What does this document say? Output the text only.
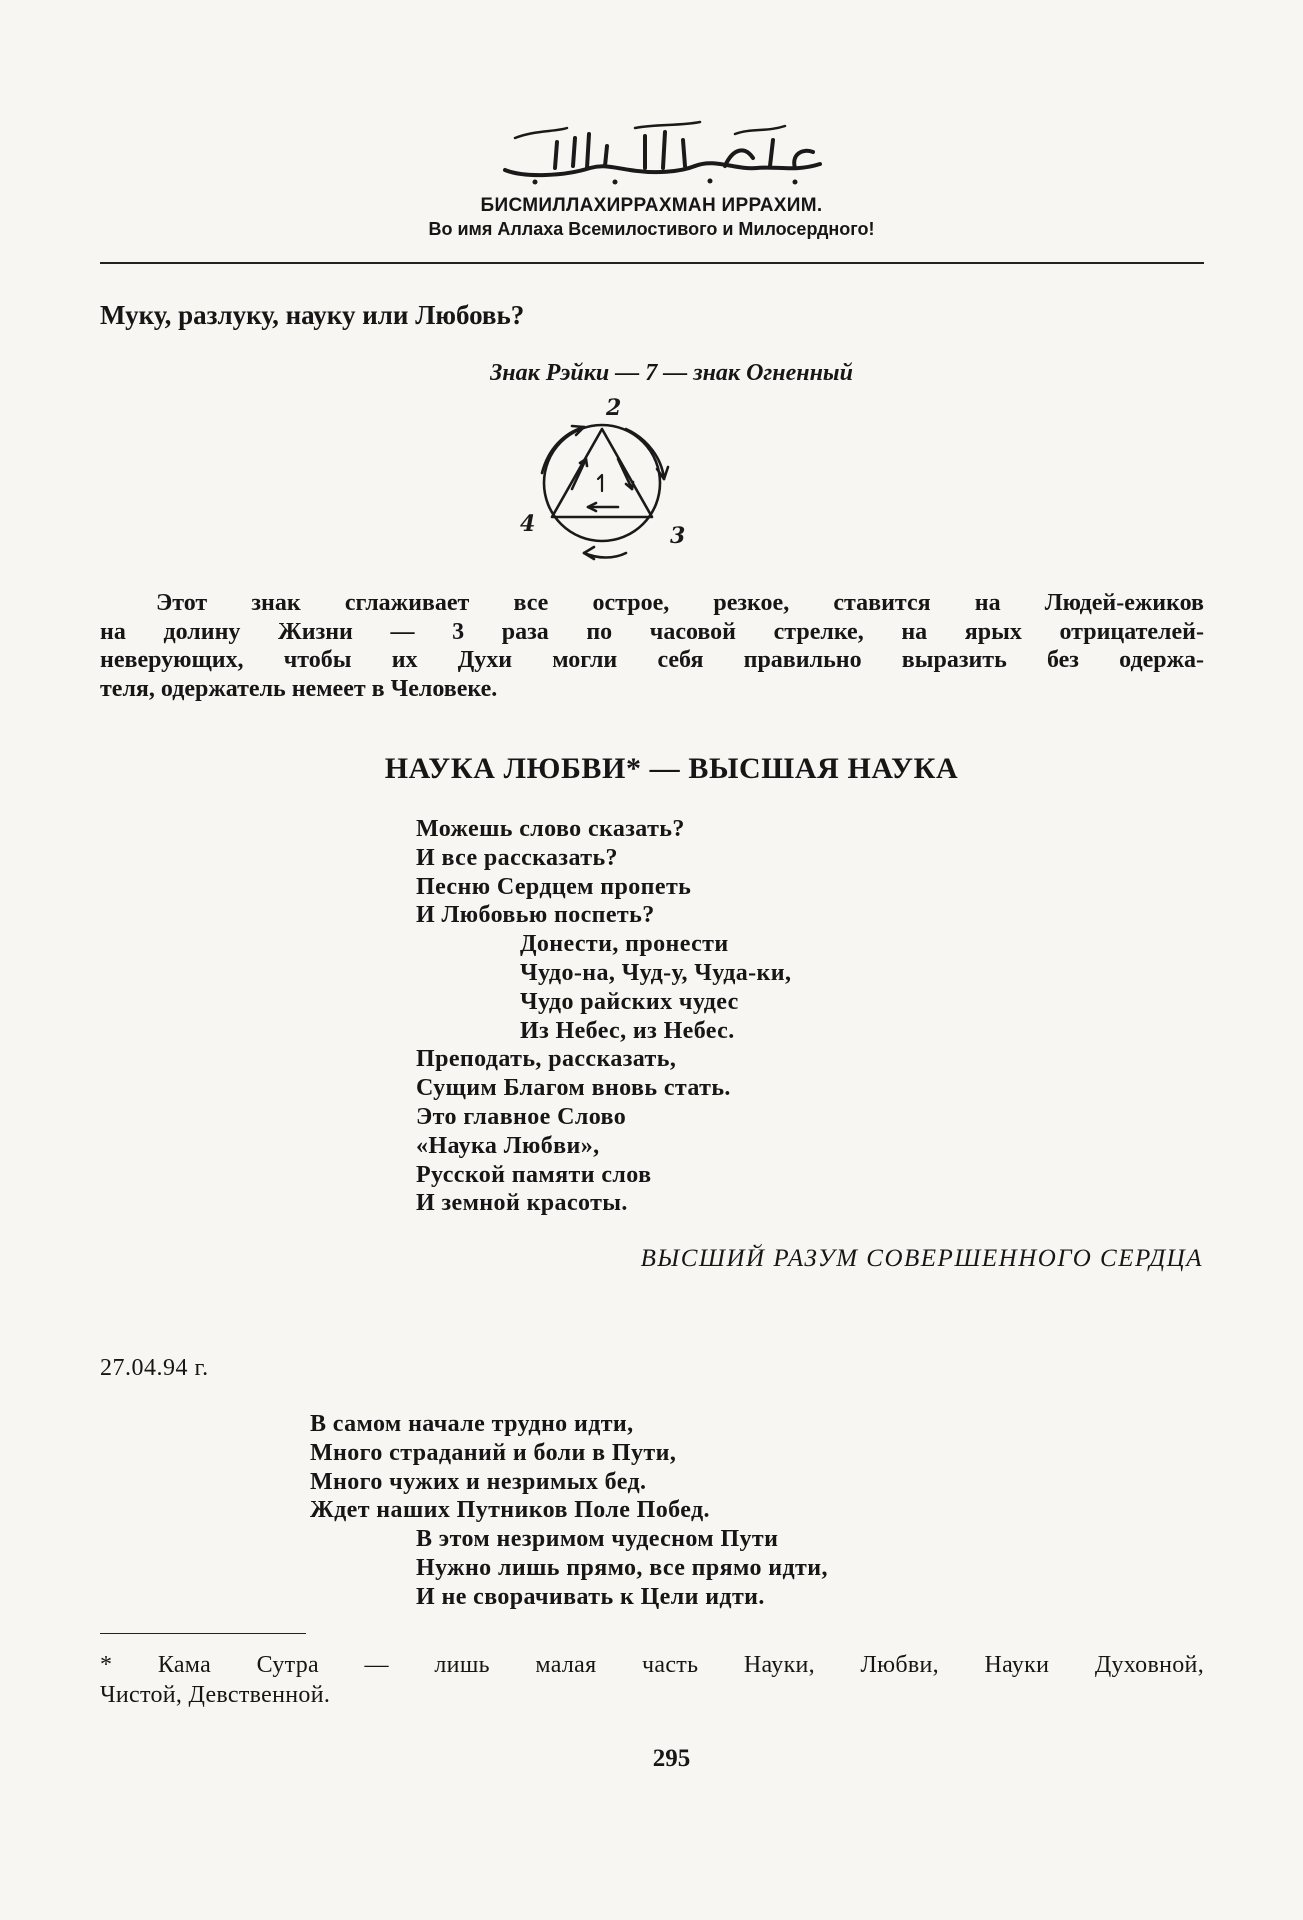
БИСМИЛЛАХИРРАХМАН ИРРАХИМ.
Во имя Аллаха Всемилостивого и Милосердного!
Муку, разлуку, науку или Любовь?
Знак Рэйки — 7 — знак Огненный
2
4	3
Этот знак сглаживает все острое, резкое, ставится на Людей-ежиков
на долину Жизни — 3 раза по часовой стрелке, на ярых отрицателей-
неверующих, чтобы их Духи могли себя правильно выразить без одержа-
теля, одержатель немеет в Человеке.
НАУКА ЛЮБВИ* — ВЫСШАЯ НАУКА
Можешь слово сказать?
И все рассказать?
Песню Сердцем пропеть
И Любовью поспеть?
Донести, пронести
Чудо-на, Чуд-у, Чуда-ки,
Чудо райских чудес
Из Небес, из Небес.
Преподать, рассказать,
Сущим Благом вновь стать.
Это главное Слово
«Наука Любви»,
Русской памяти слов
И земной красоты.
ВЫСШИЙ РАЗУМ СОВЕРШЕННОГО СЕРДЦА
27.04.94 г.
В самом начале трудно идти,
Много страданий и боли в Пути,
Много чужих и незримых бед.
Ждет наших Путников Поле Побед.
В этом незримом чудесном Пути
Нужно лишь прямо, все прямо идти,
И не сворачивать к Цели идти.
* Кама Сутра — лишь малая часть Науки, Любви, Науки Духовной,
Чистой, Девственной.
295
